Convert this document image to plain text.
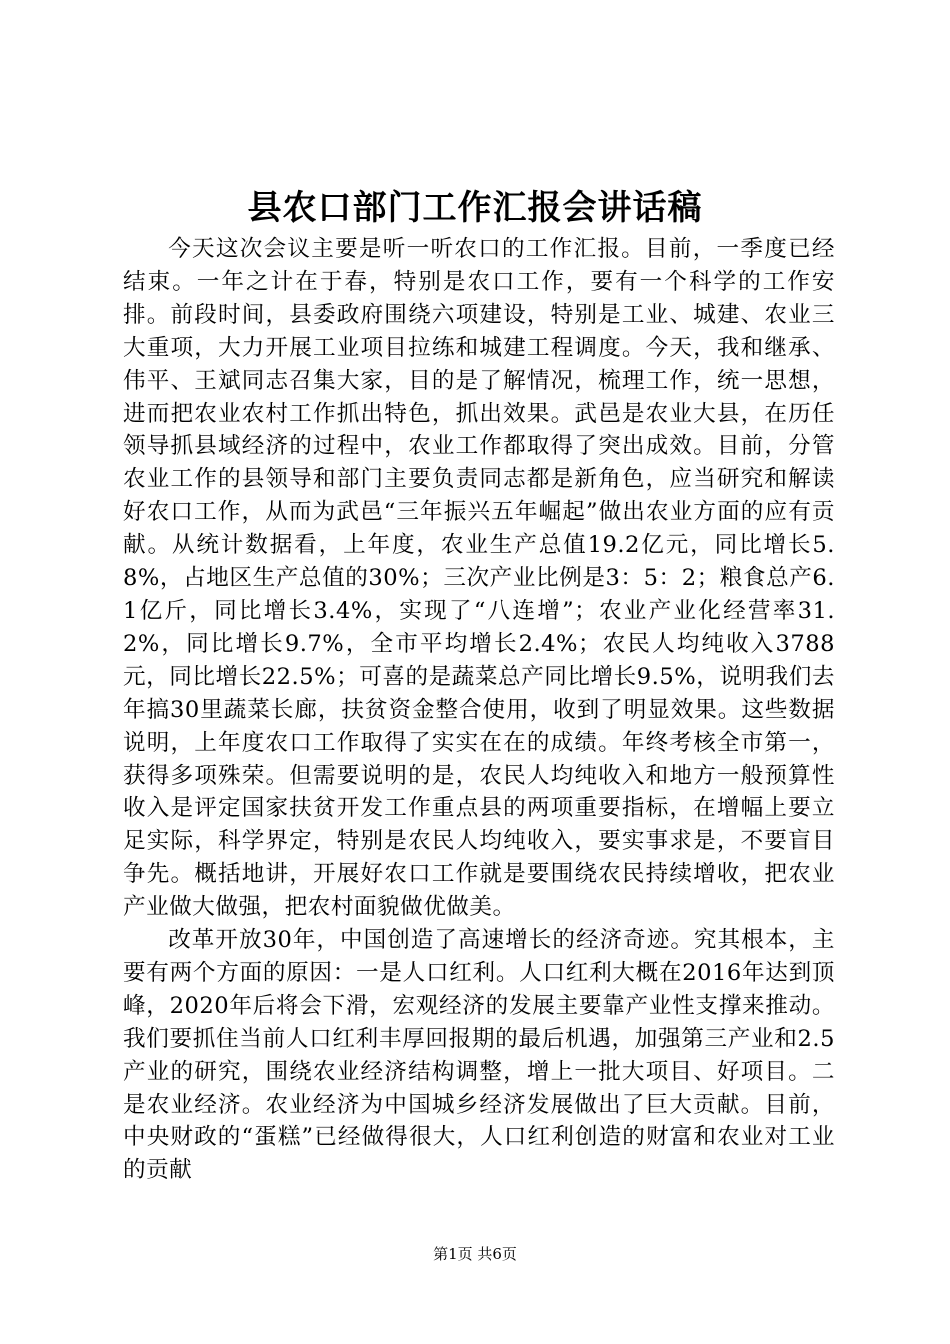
县农口部门工作汇报会讲话稿

今天这次会议主要是听一听农口的工作汇报。目前，一季度已经结束。一年之计在于春，特别是农口工作，要有一个科学的工作安排。前段时间，县委政府围绕六项建设，特别是工业、城建、农业三大重项，大力开展工业项目拉练和城建工程调度。今天，我和继承、伟平、王斌同志召集大家，目的是了解情况，梳理工作，统一思想，进而把农业农村工作抓出特色，抓出效果。武邑是农业大县，在历任领导抓县域经济的过程中，农业工作都取得了突出成效。目前，分管农业工作的县领导和部门主要负责同志都是新角色，应当研究和解读好农口工作，从而为武邑“三年振兴五年崛起”做出农业方面的应有贡献。从统计数据看，上年度，农业生产总值19.2亿元，同比增长5.8%，占地区生产总值的30%；三次产业比例是3：5：2；粮食总产6.1亿斤，同比增长3.4%，实现了“八连增”；农业产业化经营率31.2%，同比增长9.7%，全市平均增长2.4%；农民人均纯收入3788元，同比增长22.5%；可喜的是蔬菜总产同比增长9.5%，说明我们去年搞30里蔬菜长廊，扶贫资金整合使用，收到了明显效果。这些数据说明，上年度农口工作取得了实实在在的成绩。年终考核全市第一，获得多项殊荣。但需要说明的是，农民人均纯收入和地方一般预算性收入是评定国家扶贫开发工作重点县的两项重要指标，在增幅上要立足实际，科学界定，特别是农民人均纯收入，要实事求是，不要盲目争先。概括地讲，开展好农口工作就是要围绕农民持续增收，把农业产业做大做强，把农村面貌做优做美。

改革开放30年，中国创造了高速增长的经济奇迹。究其根本，主要有两个方面的原因：一是人口红利。人口红利大概在2016年达到顶峰，2020年后将会下滑，宏观经济的发展主要靠产业性支撑来推动。我们要抓住当前人口红利丰厚回报期的最后机遇，加强第三产业和2.5产业的研究，围绕农业经济结构调整，增上一批大项目、好项目。二是农业经济。农业经济为中国城乡经济发展做出了巨大贡献。目前，中央财政的“蛋糕”已经做得很大，人口红利创造的财富和农业对工业的贡献

第1页 共6页
